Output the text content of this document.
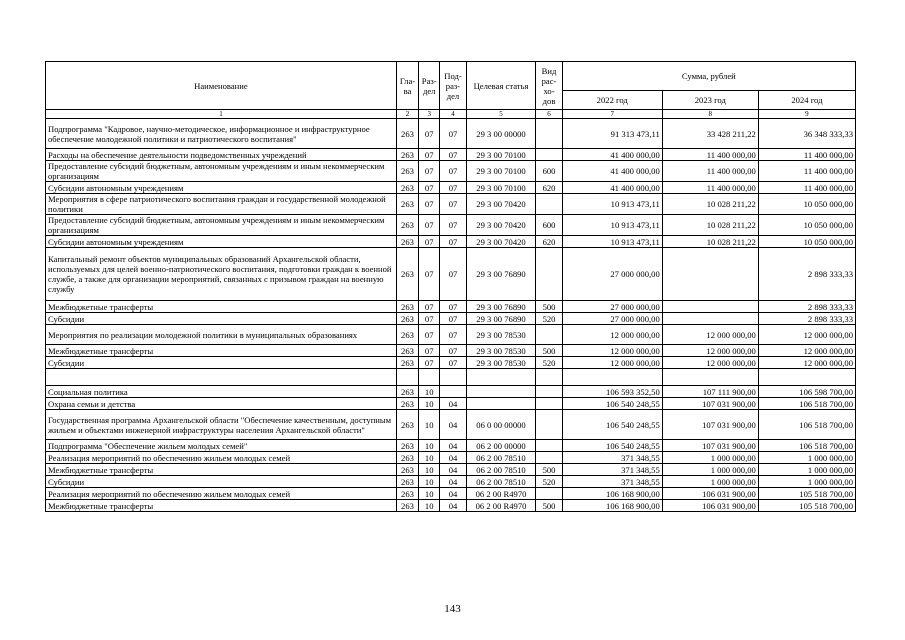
Наименование	Гла-ва	Раз-дел	Под-раз-дел	Целевая статья	Вид рас-хо-дов	Сумма, рублей		
						2022 год	2023 год	2024 год
1	2	3	4	5	6	7	8	9
Подпрограмма "Кадровое, научно-методическое, информационное и инфраструктурное обеспечение молодежной политики и патриотического воспитания"	263	07	07	29 3 00 00000		91 313 473,11	33 428 211,22	36 348 333,33
Расходы на обеспечение деятельности подведомственных учреждений	263	07	07	29 3 00 70100		41 400 000,00	11 400 000,00	11 400 000,00
Предоставление субсидий бюджетным, автономным учреждениям и иным некоммерческим организациям	263	07	07	29 3 00 70100	600	41 400 000,00	11 400 000,00	11 400 000,00
Субсидии автономным учреждениям	263	07	07	29 3 00 70100	620	41 400 000,00	11 400 000,00	11 400 000,00
Мероприятия в сфере патриотического воспитания граждан и государственной молодежной политики	263	07	07	29 3 00 70420		10 913 473,11	10 028 211,22	10 050 000,00
Предоставление субсидий бюджетным, автономным учреждениям и иным некоммерческим организациям	263	07	07	29 3 00 70420	600	10 913 473,11	10 028 211,22	10 050 000,00
Субсидии автономным учреждениям	263	07	07	29 3 00 70420	620	10 913 473,11	10 028 211,22	10 050 000,00
Капитальный ремонт объектов муниципальных образований Архангельской области, используемых для целей военно-патриотического воспитания, подготовки граждан к военной службе, а также для организации мероприятий, связанных с призывом граждан на военную службу	263	07	07	29 3 00 76890		27 000 000,00		2 898 333,33
Межбюджетные трансферты	263	07	07	29 3 00 76890	500	27 000 000,00		2 898 333,33
Субсидии	263	07	07	29 3 00 76890	520	27 000 000,00		2 898 333,33
Мероприятия по реализации молодежной политики в муниципальных образованиях	263	07	07	29 3 00 78530		12 000 000,00	12 000 000,00	12 000 000,00
Межбюджетные трансферты	263	07	07	29 3 00 78530	500	12 000 000,00	12 000 000,00	12 000 000,00
Субсидии	263	07	07	29 3 00 78530	520	12 000 000,00	12 000 000,00	12 000 000,00

Социальная политика	263	10				106 593 352,50	107 111 900,00	106 598 700,00
Охрана семьи и детства	263	10	04			106 540 248,55	107 031 900,00	106 518 700,00
Государственная программа Архангельской области "Обеспечение качественным, доступным жильем и объектами инженерной инфраструктуры населения Архангельской области"	263	10	04	06 0 00 00000		106 540 248,55	107 031 900,00	106 518 700,00
Подпрограмма "Обеспечение жильем молодых семей"	263	10	04	06 2 00 00000		106 540 248,55	107 031 900,00	106 518 700,00
Реализация мероприятий по обеспечению жильем молодых семей	263	10	04	06 2 00 78510		371 348,55	1 000 000,00	1 000 000,00
Межбюджетные трансферты	263	10	04	06 2 00 78510	500	371 348,55	1 000 000,00	1 000 000,00
Субсидии	263	10	04	06 2 00 78510	520	371 348,55	1 000 000,00	1 000 000,00
Реализация мероприятий по обеспечению жильем молодых семей	263	10	04	06 2 00 R4970		106 168 900,00	106 031 900,00	105 518 700,00
Межбюджетные трансферты	263	10	04	06 2 00 R4970	500	106 168 900,00	106 031 900,00	105 518 700,00
143
